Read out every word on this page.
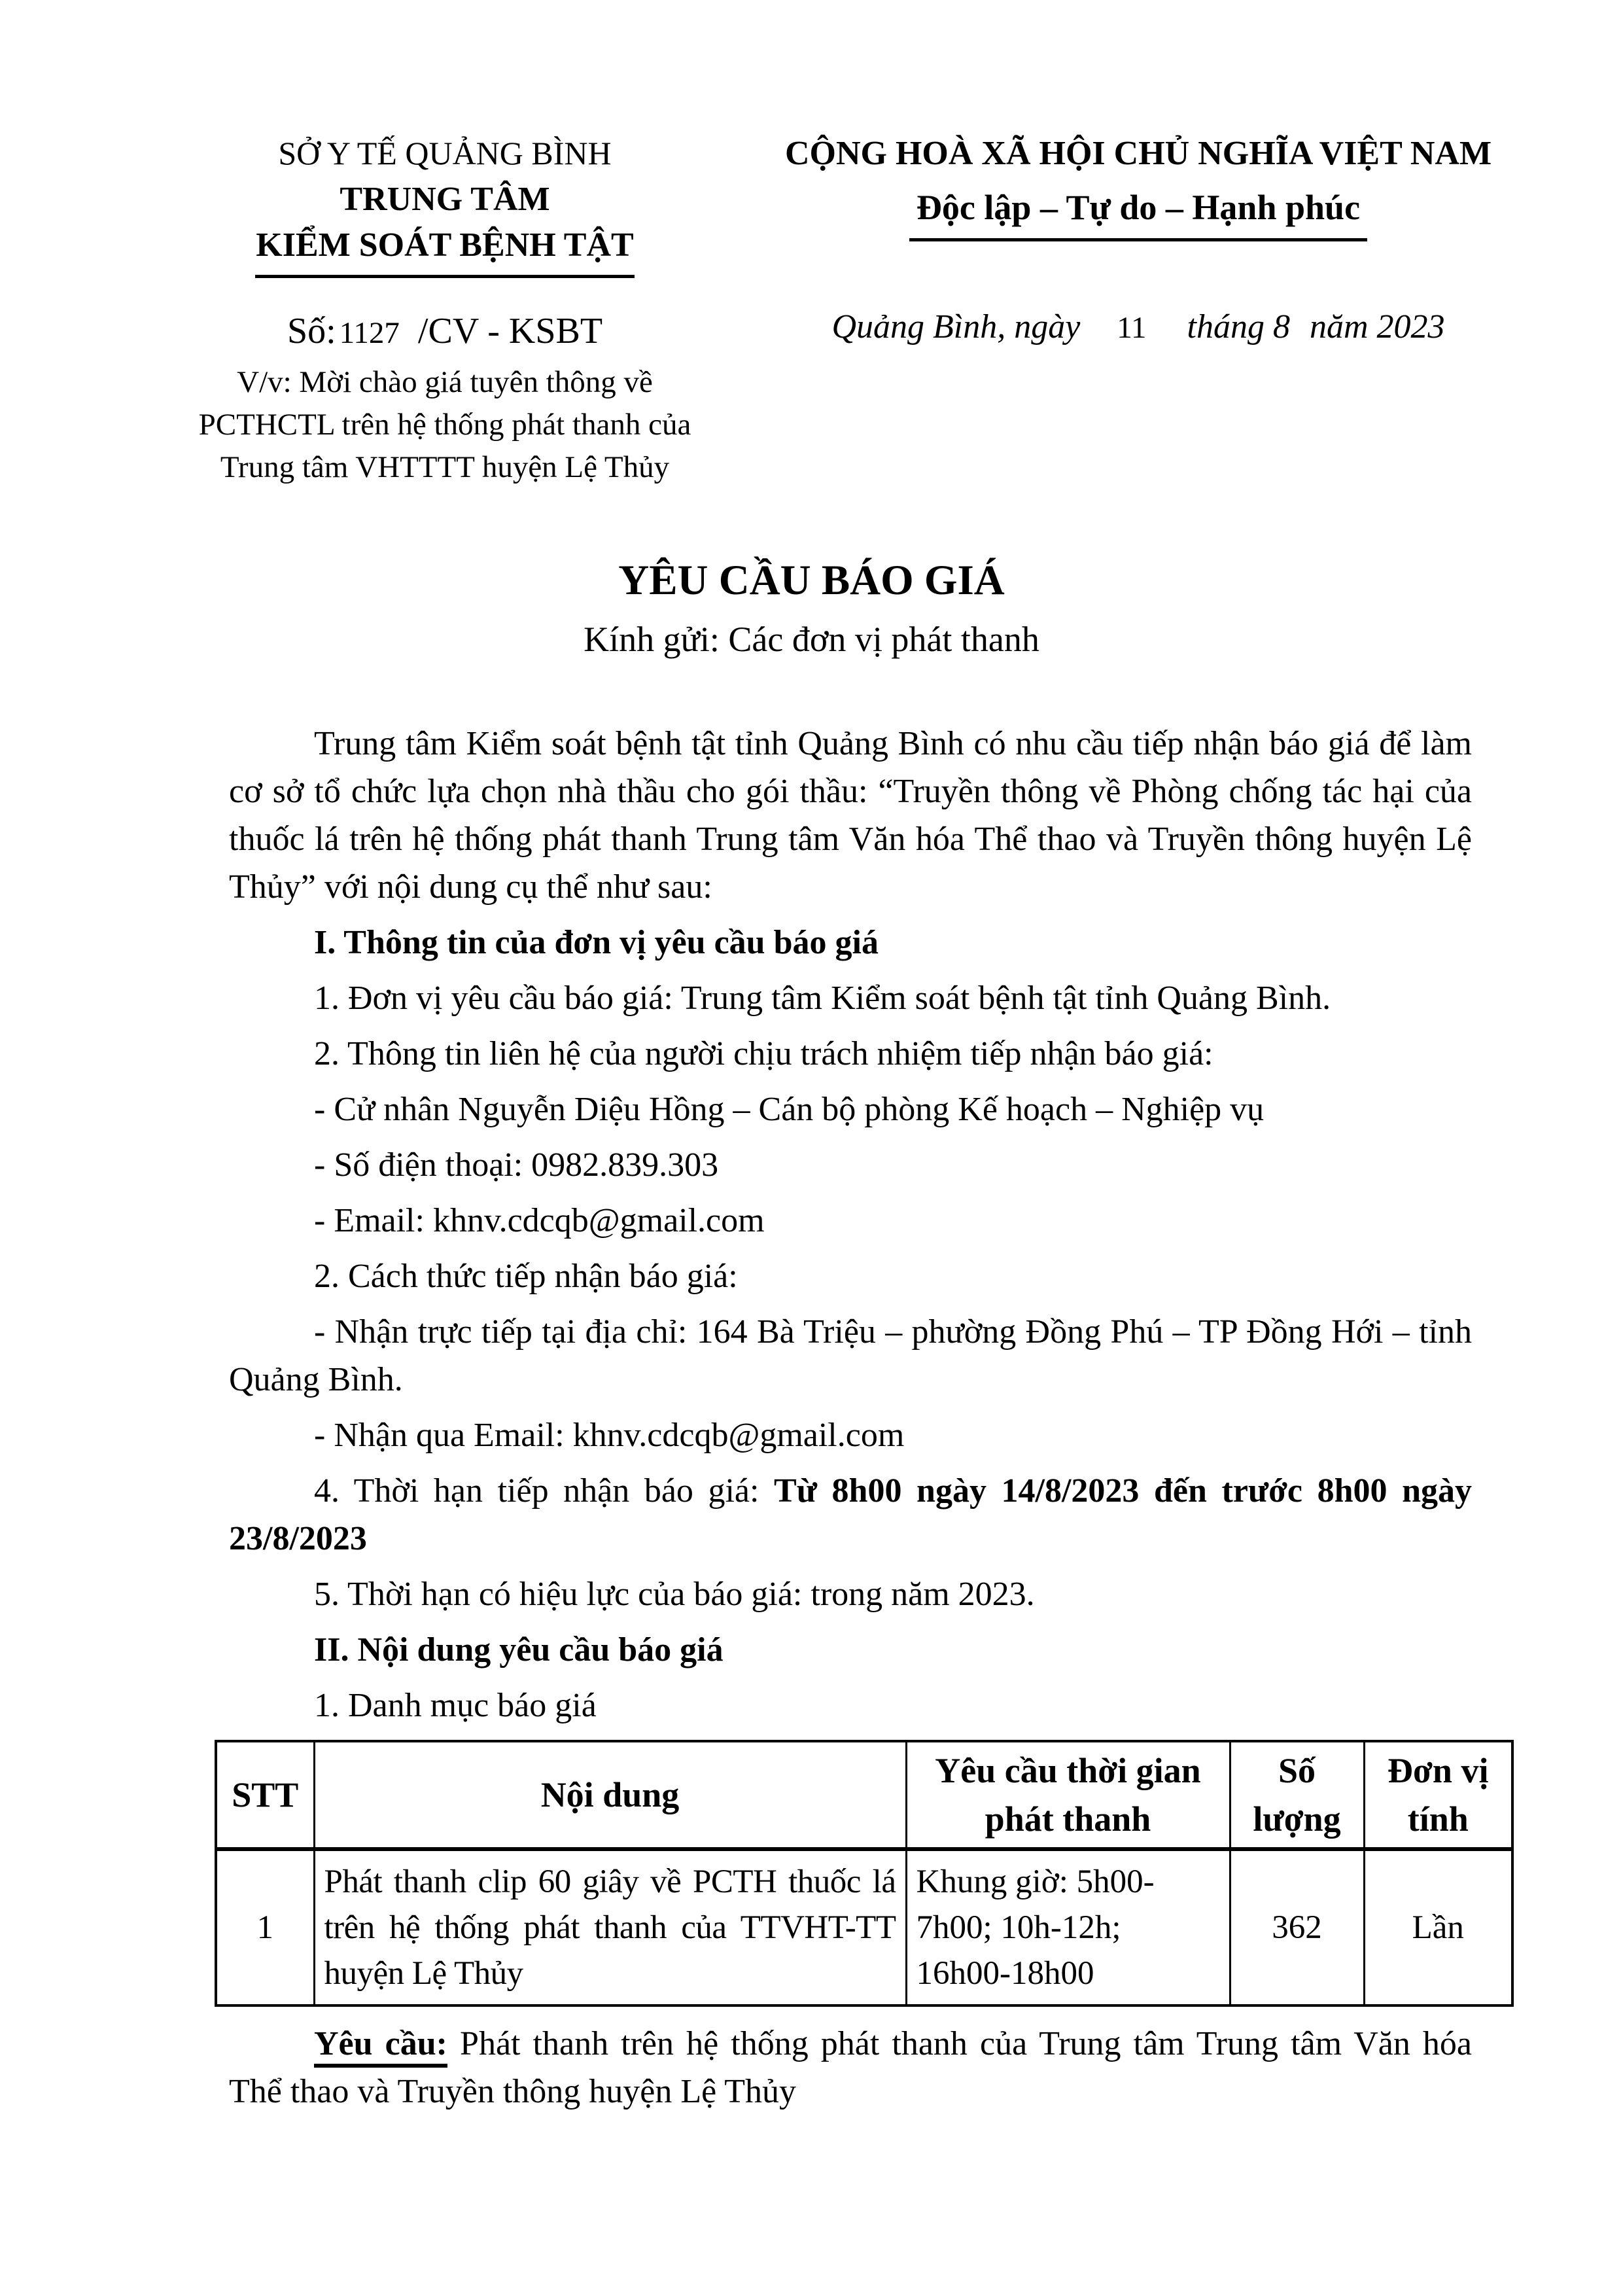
SỞ Y TẾ QUẢNG BÌNH
TRUNG TÂM
KIỂM SOÁT BỆNH TẬT
Số: 1127 /CV - KSBT
V/v: Mời chào giá tuyên thông về
PCTHCTL trên hệ thống phát thanh của
Trung tâm VHTTTT huyện Lệ Thủy
CỘNG HOÀ XÃ HỘI CHỦ NGHĨA VIỆT NAM
Độc lập – Tự do – Hạnh phúc
Quảng Bình, ngày 11 tháng 8 năm 2023
YÊU CẦU BÁO GIÁ
Kính gửi: Các đơn vị phát thanh

Trung tâm Kiểm soát bệnh tật tỉnh Quảng Bình có nhu cầu tiếp nhận báo giá để làm cơ sở tổ chức lựa chọn nhà thầu cho gói thầu: “Truyền thông về Phòng chống tác hại của thuốc lá trên hệ thống phát thanh Trung tâm Văn hóa Thể thao và Truyền thông huyện Lệ Thủy” với nội dung cụ thể như sau:

I. Thông tin của đơn vị yêu cầu báo giá

1. Đơn vị yêu cầu báo giá: Trung tâm Kiểm soát bệnh tật tỉnh Quảng Bình.

2. Thông tin liên hệ của người chịu trách nhiệm tiếp nhận báo giá:

- Cử nhân Nguyễn Diệu Hồng – Cán bộ phòng Kế hoạch – Nghiệp vụ

- Số điện thoại: 0982.839.303

- Email: khnv.cdcqb@gmail.com

2. Cách thức tiếp nhận báo giá:

- Nhận trực tiếp tại địa chỉ: 164 Bà Triệu – phường Đồng Phú – TP Đồng Hới – tỉnh Quảng Bình.

- Nhận qua Email: khnv.cdcqb@gmail.com

4. Thời hạn tiếp nhận báo giá: Từ 8h00 ngày 14/8/2023 đến trước 8h00 ngày 23/8/2023

5. Thời hạn có hiệu lực của báo giá: trong năm 2023.

II. Nội dung yêu cầu báo giá

1. Danh mục báo giá

STT	Nội dung	Yêu cầu thời gian phát thanh	Số lượng	Đơn vị tính
1	Phát thanh clip 60 giây về PCTH thuốc lá trên hệ thống phát thanh của TTVHT-TT huyện Lệ Thủy	Khung giờ: 5h00-7h00; 10h-12h; 16h00-18h00	362	Lần

Yêu cầu: Phát thanh trên hệ thống phát thanh của Trung tâm Trung tâm Văn hóa Thể thao và Truyền thông huyện Lệ Thủy
